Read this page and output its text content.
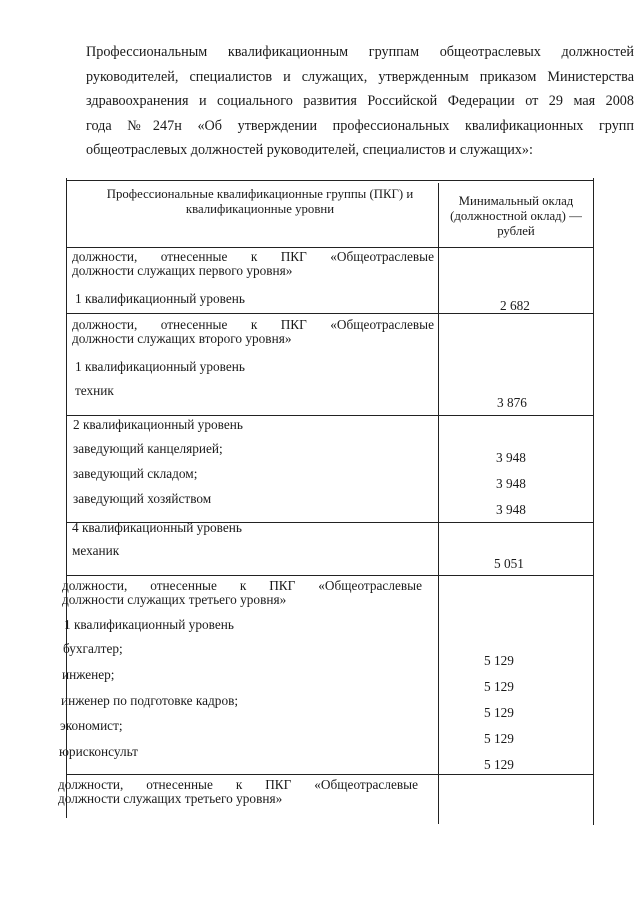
Профессиональным квалификационным группам общеотраслевых должностей
руководителей, специалистов и служащих, утвержденным приказом Министерства
здравоохранения и социального развития Российской Федерации от 29 мая 2008
года №247н «Об утверждении профессиональных квалификационных групп
общеотраслевых должностей руководителей, специалистов и служащих»:
Профессиональные квалификационные группы (ПКГ) и квалификационные уровни
Минимальный оклад (должностной оклад) — рублей
должности, отнесенные к ПКГ «Общеотраслевые
должности служащих первого уровня»
1 квалификационный уровень	2 682
должности, отнесенные к ПКГ «Общеотраслевые
должности служащих второго уровня»
1 квалификационный уровень
техник
3 876
2 квалификационный уровень
заведующий канцелярией;
заведующий складом;
заведующий хозяйством
3 948
3 948
3 948
4 квалификационный уровень
механик
5 051
должности, отнесенные к ПКГ «Общеотраслевые
должности служащих третьего уровня»
1 квалификационный уровень
бухгалтер;
инженер;
инженер по подготовке кадров;
экономист;
юрисконсульт
5 129
5 129
5 129
5 129
5 129
должности, отнесенные к ПКГ «Общеотраслевые
должности служащих третьего уровня»
